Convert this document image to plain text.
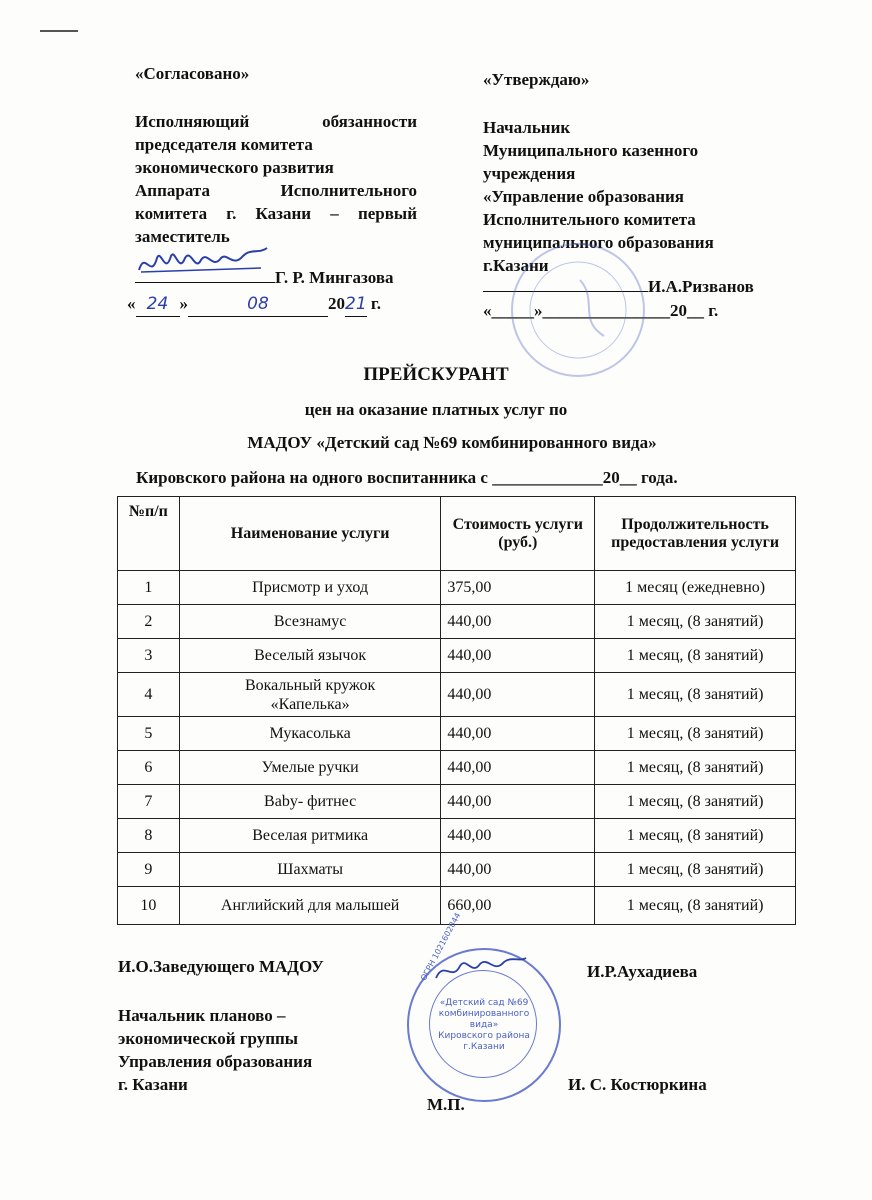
«Согласовано»
Исполняющий обязанности
председателя комитета
экономического развития
Аппарата Исполнительного
комитета г. Казани – первый
заместитель
Г. Р. Мингазова
« 24 »	08	2021 г.
«Утверждаю»
Начальник
Муниципального казенного
учреждения
«Управление образования
Исполнительного комитета
муниципального образования
г.Казани
И.А.Ризванов
«_____»_______________20__ г.
ПРЕЙСКУРАНТ
цен на оказание платных услуг по
МАДОУ «Детский сад №69 комбинированного вида»
Кировского района на одного воспитанника с _____________20__ года.
№п/п	Наименование услуги	Стоимость услуги (руб.)	Продолжительность предоставления услуги
1	Присмотр и уход	375,00	1 месяц (ежедневно)
2	Всезнамус	440,00	1 месяц, (8 занятий)
3	Веселый язычок	440,00	1 месяц, (8 занятий)
4	Вокальный кружок «Капелька»	440,00	1 месяц, (8 занятий)
5	Мукасолька	440,00	1 месяц, (8 занятий)
6	Умелые ручки	440,00	1 месяц, (8 занятий)
7	Baby- фитнес	440,00	1 месяц, (8 занятий)
8	Веселая ритмика	440,00	1 месяц, (8 занятий)
9	Шахматы	440,00	1 месяц, (8 занятий)
10	Английский для малышей	660,00	1 месяц, (8 занятий)
И.О.Заведующего МАДОУ	И.Р.Аухадиева
Начальник планово –
экономической группы
Управления образования
г. Казани	И. С. Костюркина
М.П.
«Детский сад №69
комбинированного
вида»
Кировского района
г.Казани
ОГРН 1021602844
